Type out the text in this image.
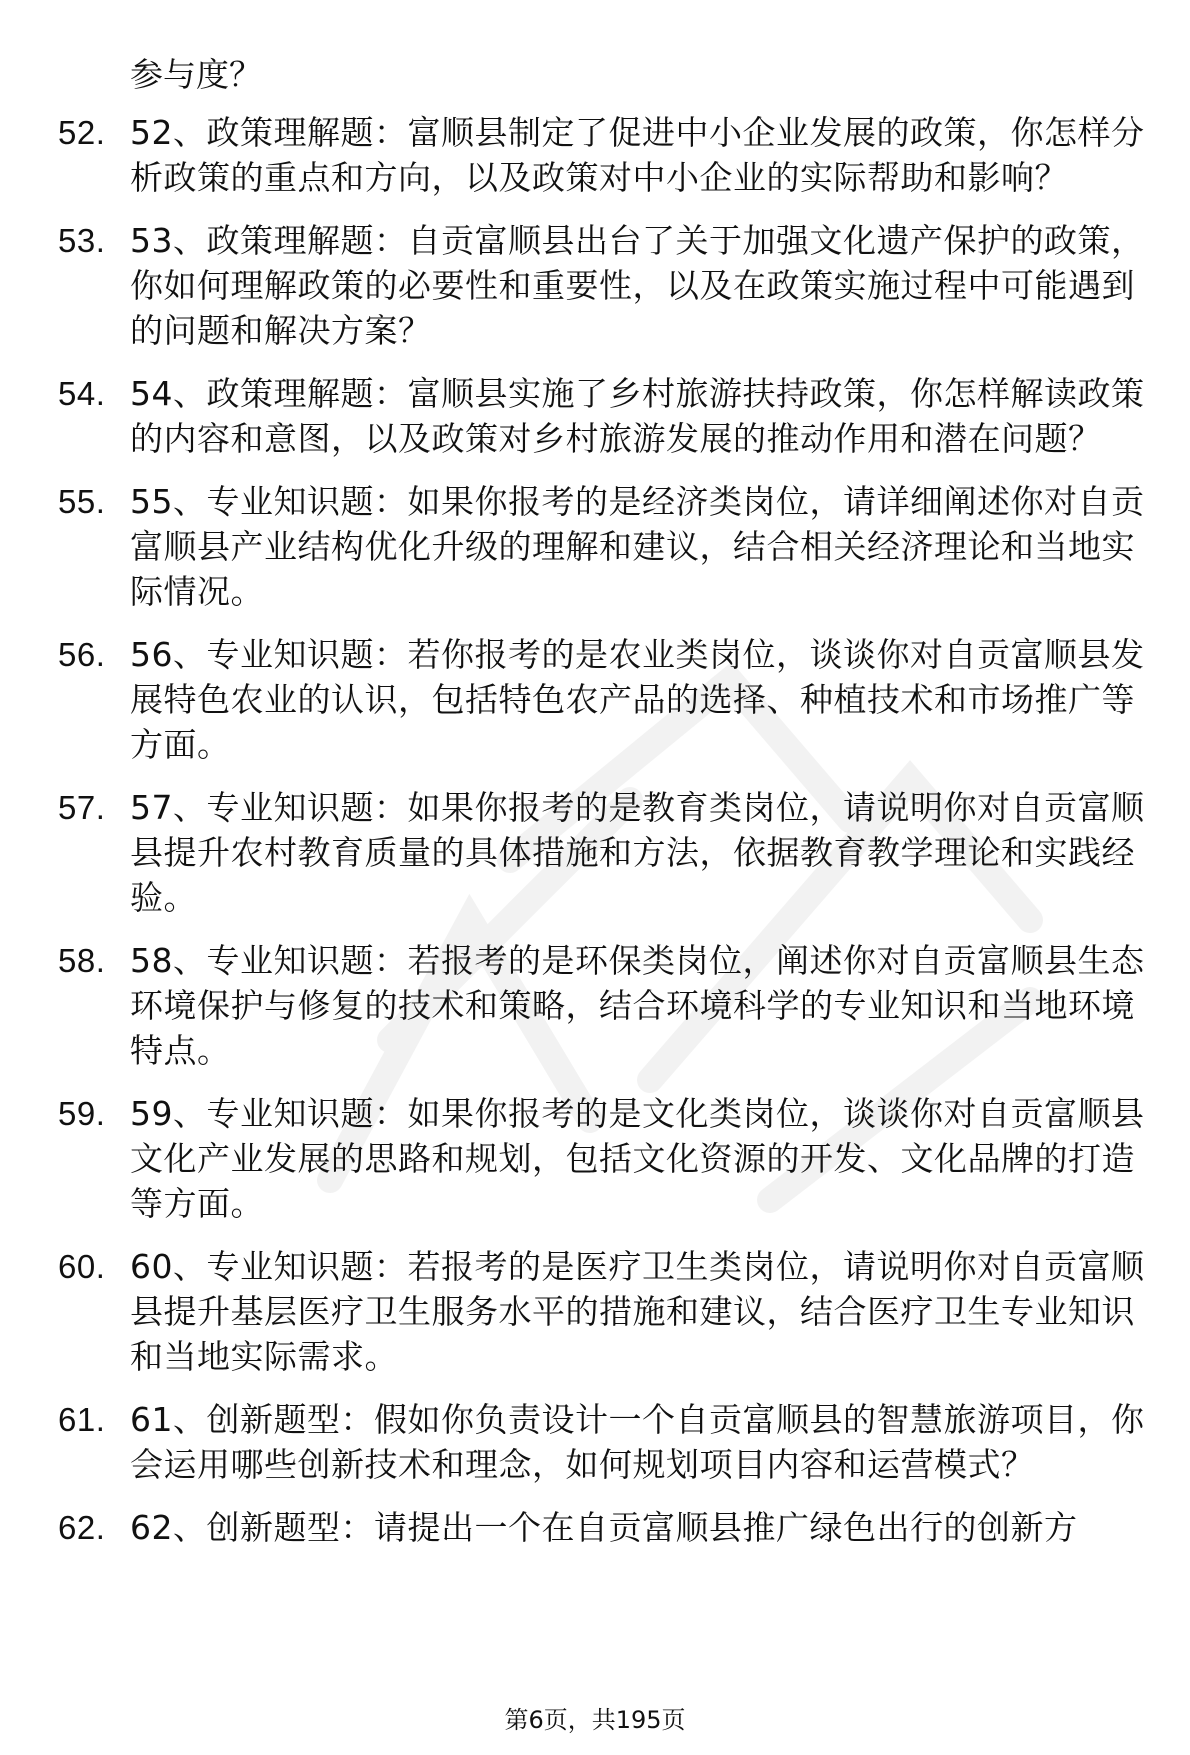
参与度？
52. 52、政策理解题：富顺县制定了促进中小企业发展的政策，你怎样分析政策的重点和方向，以及政策对中小企业的实际帮助和影响？
53. 53、政策理解题：自贡富顺县出台了关于加强文化遗产保护的政策，你如何理解政策的必要性和重要性，以及在政策实施过程中可能遇到的问题和解决方案？
54. 54、政策理解题：富顺县实施了乡村旅游扶持政策，你怎样解读政策的内容和意图，以及政策对乡村旅游发展的推动作用和潜在问题？
55. 55、专业知识题：如果你报考的是经济类岗位，请详细阐述你对自贡富顺县产业结构优化升级的理解和建议，结合相关经济理论和当地实际情况。
56. 56、专业知识题：若你报考的是农业类岗位，谈谈你对自贡富顺县发展特色农业的认识，包括特色农产品的选择、种植技术和市场推广等方面。
57. 57、专业知识题：如果你报考的是教育类岗位，请说明你对自贡富顺县提升农村教育质量的具体措施和方法，依据教育教学理论和实践经验。
58. 58、专业知识题：若报考的是环保类岗位，阐述你对自贡富顺县生态环境保护与修复的技术和策略，结合环境科学的专业知识和当地环境特点。
59. 59、专业知识题：如果你报考的是文化类岗位，谈谈你对自贡富顺县文化产业发展的思路和规划，包括文化资源的开发、文化品牌的打造等方面。
60. 60、专业知识题：若报考的是医疗卫生类岗位，请说明你对自贡富顺县提升基层医疗卫生服务水平的措施和建议，结合医疗卫生专业知识和当地实际需求。
61. 61、创新题型：假如你负责设计一个自贡富顺县的智慧旅游项目，你会运用哪些创新技术和理念，如何规划项目内容和运营模式？
62. 62、创新题型：请提出一个在自贡富顺县推广绿色出行的创新方
第6页，共195页
